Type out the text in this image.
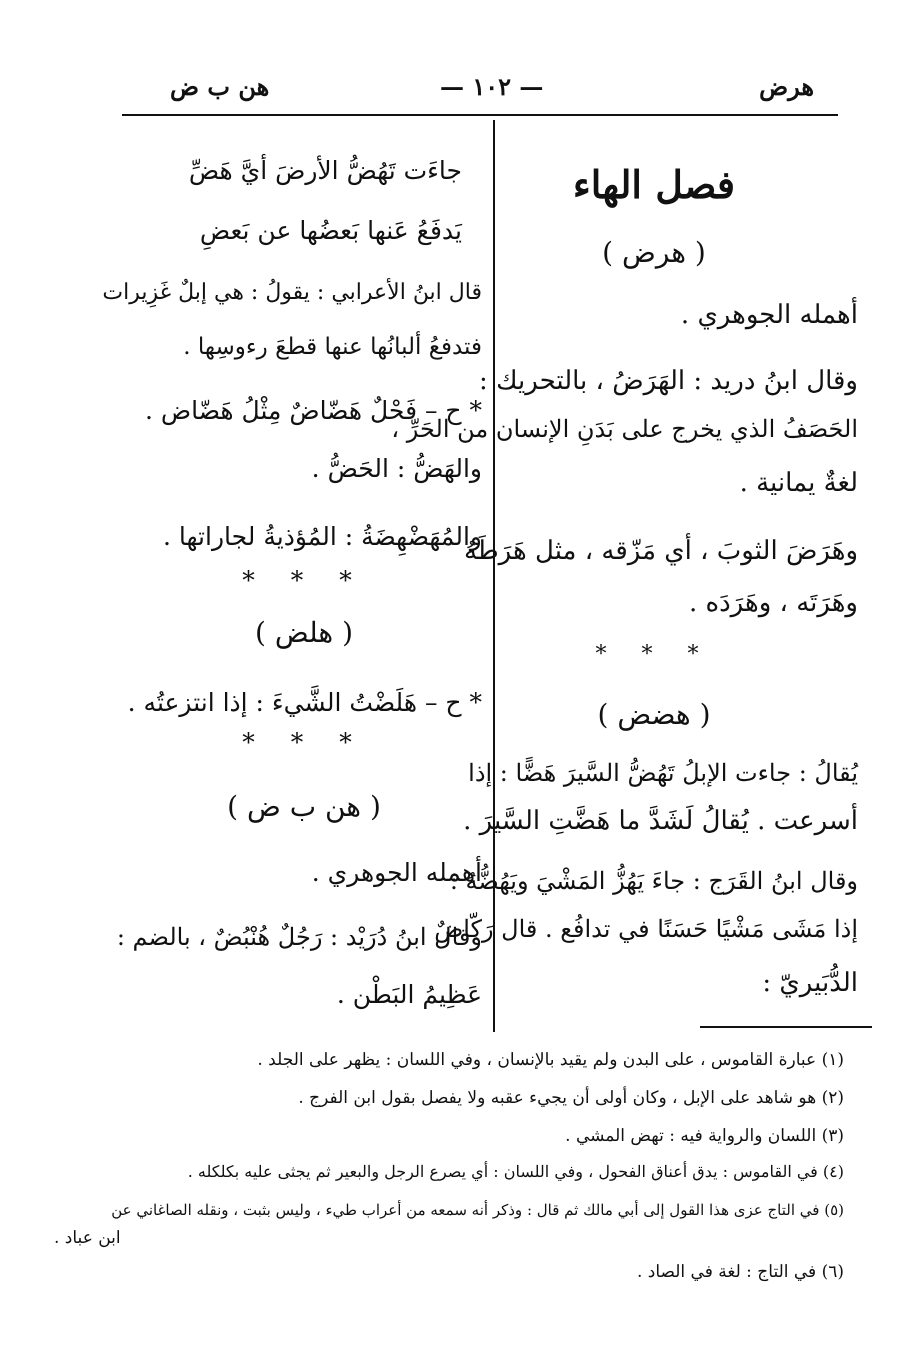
هرض
— ١٠٢ —
هن ب ض
فصل الهاء
( هرض )
أهمله الجوهري .
وقال ابنُ دريد : الهَرَضُ ، بالتحريك :
الحَصَفُ الذي يخرج على بَدَنِ الإنسان من الحَرِّ ،
لغةٌ يمانية .
وهَرَضَ الثوبَ ، أي مَزّقه ، مثل هَرَطَهُ
وهَرَتَه ، وهَرَدَه .
* * *
( هضض )
يُقالُ : جاءت الإبلُ تَهُضُّ السَّيرَ هَضًّا : إذا
أسرعت . يُقالُ لَشَدَّ ما هَضَّتِ السَّيرَ .
وقال ابنُ القَرَج : جاءَ يَهُزُّ المَشْيَ ويَهُضُّهُ :
إذا مَشَى مَشْيًا حَسَنًا في تدافُع . قال رَكّاضٌ
الدُّبَيريّ :
جاءَت تَهُضُّ الأرضَ أيَّ هَضِّ
يَدفَعُ عَنها بَعضُها عن بَعضِ
قال ابنُ الأعرابي : يقولُ : هي إبلٌ غَزِيرات
فتدفعُ ألبانُها عنها قطعَ رءوسِها .
* ح – فَحْلٌ هَضّاضٌ مِثْلُ هَضّاض .
والهَضُّ : الحَضُّ .
والمُهَضْهِضَةُ : المُؤذيةُ لجاراتها .
* * *
( هلض )
* ح – هَلَضْتُ الشَّيءَ : إذا انتزعتُه .
* * *
( هن ب ض )
أهمله الجوهري .
وقال ابنُ دُرَيْد : رَجُلٌ هُنْبُضٌ ، بالضم :
عَظِيمُ البَطْن .
(١) عبارة القاموس ، على البدن ولم يقيد بالإنسان ، وفي اللسان : يظهر على الجلد .
(٢) هو شاهد على الإبل ، وكان أولى أن يجيء عقبه ولا يفصل بقول ابن الفرج .
(٣) اللسان والرواية فيه : تهض المشي .
(٤) في القاموس : يدق أعناق الفحول ، وفي اللسان : أي يصرع الرجل والبعير ثم يجثى عليه بكلكله .
(٥) في التاج عزى هذا القول إلى أبي مالك ثم قال : وذكر أنه سمعه من أعراب طيء ، وليس بثبت ، ونقله الصاغاني عن
ابن عباد .
(٦) في التاج : لغة في الصاد .
